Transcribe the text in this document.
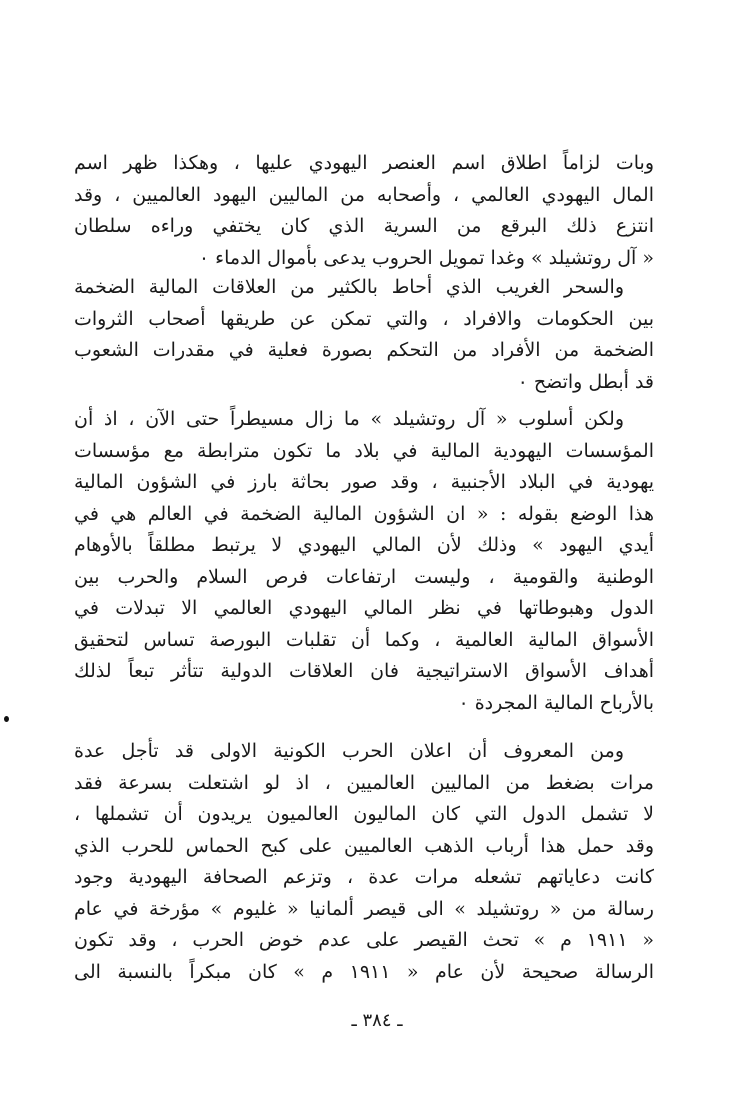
وبات لزاماً اطلاق اسم العنصر اليهودي عليها ، وهكذا ظهر اسم
المال اليهودي العالمي ، وأصحابه من الماليين اليهود العالميين ، وقد
انتزع ذلك البرقع من السرية الذي كان يختفي وراءه سلطان
« آل روتشيلد » وغدا تمويل الحروب يدعى بأموال الدماء ٠
والسحر الغريب الذي أحاط بالكثير من العلاقات المالية الضخمة
بين الحكومات والافراد ، والتي تمكن عن طريقها أصحاب الثروات
الضخمة من الأفراد من التحكم بصورة فعلية في مقدرات الشعوب
قد أبطل واتضح ٠
ولكن أسلوب « آل روتشيلد » ما زال مسيطراً حتى الآن ، اذ أن
المؤسسات اليهودية المالية في بلاد ما تكون مترابطة مع مؤسسات
يهودية في البلاد الأجنبية ، وقد صور بحاثة بارز في الشؤون المالية
هذا الوضع بقوله : « ان الشؤون المالية الضخمة في العالم هي في
أيدي اليهود » وذلك لأن المالي اليهودي لا يرتبط مطلقاً بالأوهام
الوطنية والقومية ، وليست ارتفاعات فرص السلام والحرب بين
الدول وهبوطاتها في نظر المالي اليهودي العالمي الا تبدلات في
الأسواق المالية العالمية ، وكما أن تقلبات البورصة تساس لتحقيق
أهداف الأسواق الاستراتيجية فان العلاقات الدولية تتأثر تبعاً لذلك
بالأرباح المالية المجردة ٠
ومن المعروف أن اعلان الحرب الكونية الاولى قد تأجل عدة
مرات بضغط من الماليين العالميين ، اذ لو اشتعلت بسرعة فقد
لا تشمل الدول التي كان الماليون العالميون يريدون أن تشملها ،
وقد حمل هذا أرباب الذهب العالميين على كبح الحماس للحرب الذي
كانت دعاياتهم تشعله مرات عدة ، وتزعم الصحافة اليهودية وجود
رسالة من « روتشيلد » الى قيصر ألمانيا « غليوم » مؤرخة في عام
« ١٩١١ م » تحث القيصر على عدم خوض الحرب ، وقد تكون
الرسالة صحيحة لأن عام « ١٩١١ م » كان مبكراً بالنسبة الى
ـ ٣٨٤ ـ
